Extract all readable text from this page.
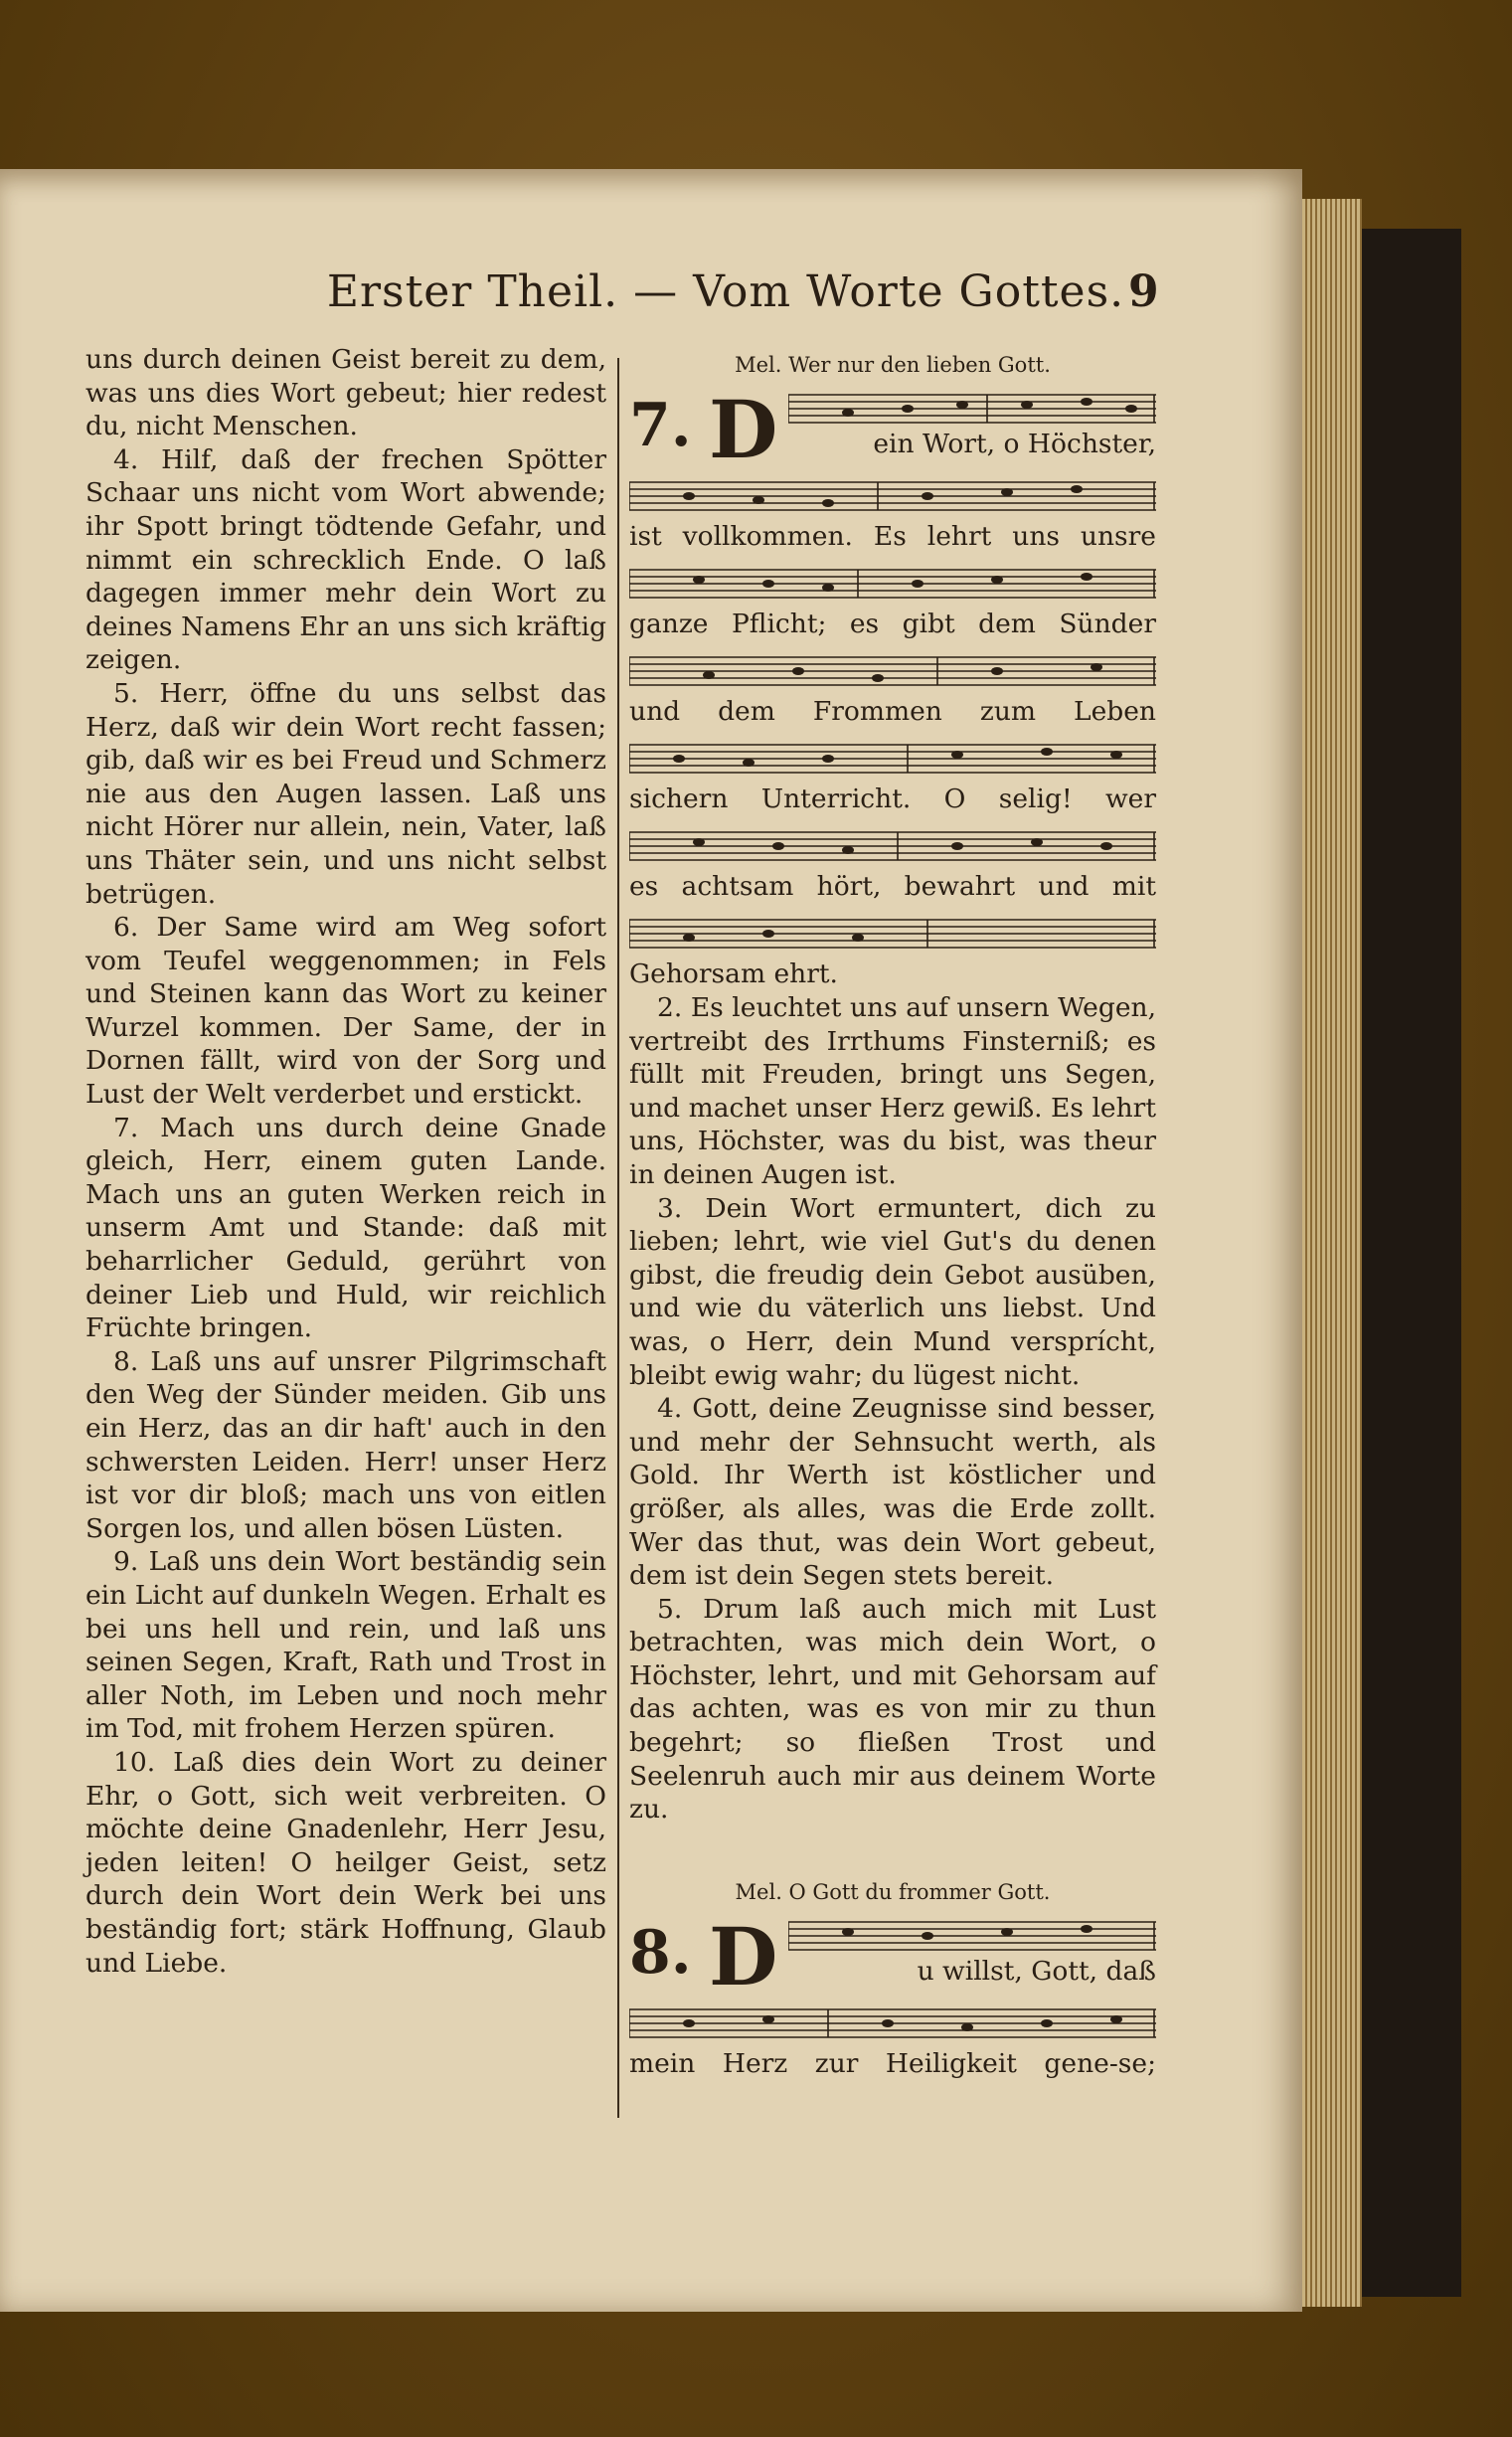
Erster Theil. — Vom Worte Gottes. 9

uns durch deinen Geist bereit zu dem, was uns dies Wort gebeut; hier redest du, nicht Menschen.

4. Hilf, daß der frechen Spötter Schaar uns nicht vom Wort abwende; ihr Spott bringt tödtende Gefahr, und nimmt ein schrecklich Ende. O laß dagegen immer mehr dein Wort zu deines Namens Ehr an uns sich kräftig zeigen.

5. Herr, öffne du uns selbst das Herz, daß wir dein Wort recht fassen; gib, daß wir es bei Freud und Schmerz nie aus den Augen lassen. Laß uns nicht Hörer nur allein, nein, Vater, laß uns Thäter sein, und uns nicht selbst betrügen.

6. Der Same wird am Weg sofort vom Teufel weggenommen; in Fels und Steinen kann das Wort zu keiner Wurzel kommen. Der Same, der in Dornen fällt, wird von der Sorg und Lust der Welt verderbet und erstickt.

7. Mach uns durch deine Gnade gleich, Herr, einem guten Lande. Mach uns an guten Werken reich in unserm Amt und Stande: daß mit beharrlicher Geduld, gerührt von deiner Lieb und Huld, wir reichlich Früchte bringen.

8. Laß uns auf unsrer Pilgrimschaft den Weg der Sünder meiden. Gib uns ein Herz, das an dir haft' auch in den schwersten Leiden. Herr! unser Herz ist vor dir bloß; mach uns von eitlen Sorgen los, und allen bösen Lüsten.

9. Laß uns dein Wort beständig sein ein Licht auf dunkeln Wegen. Erhalt es bei uns hell und rein, und laß uns seinen Segen, Kraft, Rath und Trost in aller Noth, im Leben und noch mehr im Tod, mit frohem Herzen spüren.

10. Laß dies dein Wort zu deiner Ehr, o Gott, sich weit verbreiten. O möchte deine Gnadenlehr, Herr Jesu, jeden leiten! O heilger Geist, setz durch dein Wort dein Werk bei uns beständig fort; stärk Hoffnung, Glaub und Liebe.

Mel. Wer nur den lieben Gott.
7. D	ein Wort, o Höchster,
ist vollkommen. Es lehrt uns unsre
ganze Pflicht; es gibt dem Sünder
und dem Frommen zum Leben
sichern Unterricht. O selig! wer
es achtsam hört, bewahrt und mit
Gehorsam ehrt.

2. Es leuchtet uns auf unsern Wegen, vertreibt des Irrthums Finsterniß; es füllt mit Freuden, bringt uns Segen, und machet unser Herz gewiß. Es lehrt uns, Höchster, was du bist, was theur in deinen Augen ist.

3. Dein Wort ermuntert, dich zu lieben; lehrt, wie viel Gut's du denen gibst, die freudig dein Gebot ausüben, und wie du väterlich uns liebst. Und was, o Herr, dein Mund versprícht, bleibt ewig wahr; du lügest nicht.

4. Gott, deine Zeugnisse sind besser, und mehr der Sehnsucht werth, als Gold. Ihr Werth ist köstlicher und größer, als alles, was die Erde zollt. Wer das thut, was dein Wort gebeut, dem ist dein Segen stets bereit.

5. Drum laß auch mich mit Lust betrachten, was mich dein Wort, o Höchster, lehrt, und mit Gehorsam auf das achten, was es von mir zu thun begehrt; so fließen Trost und Seelenruh auch mir aus deinem Worte zu.

Mel. O Gott du frommer Gott.
8. D	u willst, Gott, daß
mein Herz zur Heiligkeit gene-se;
